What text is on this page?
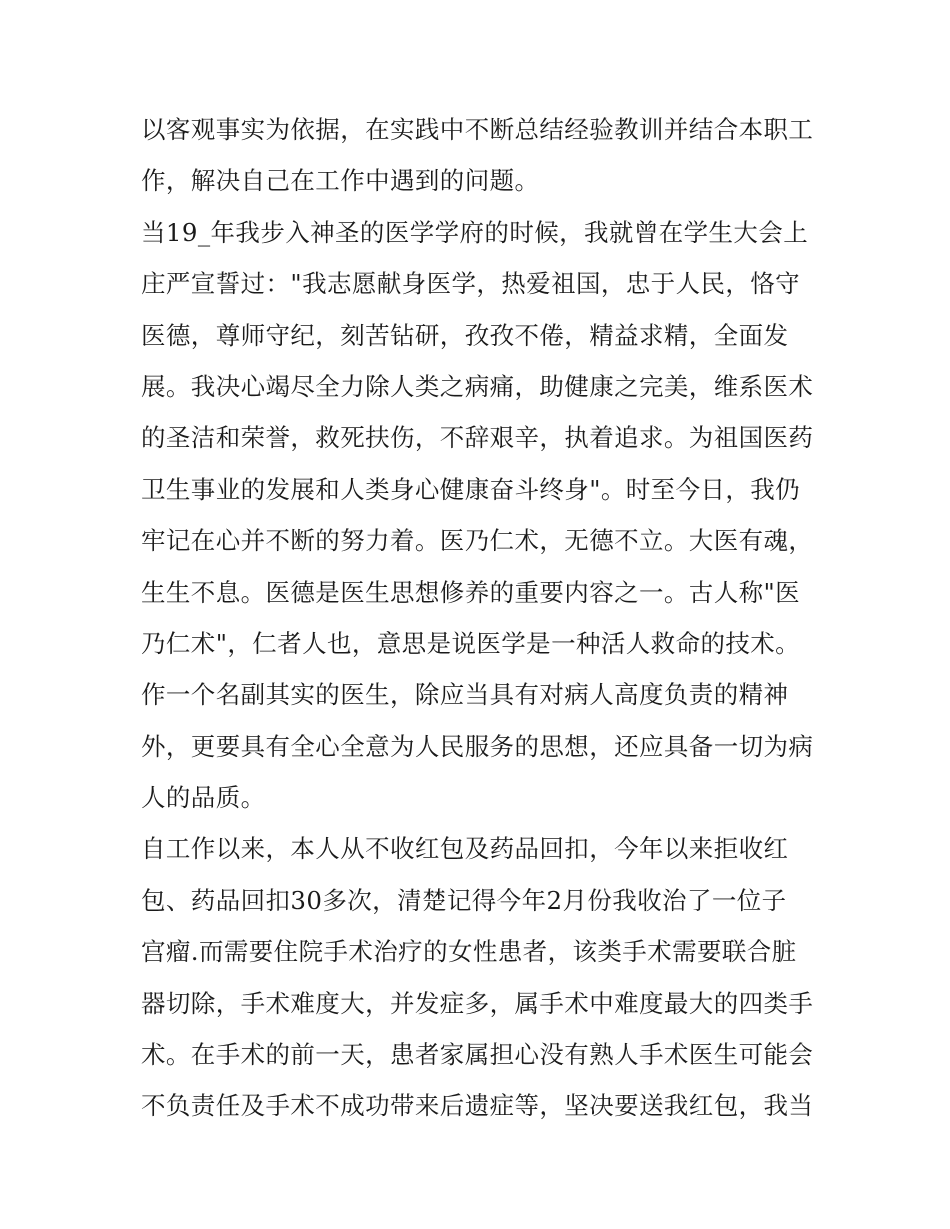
以客观事实为依据，在实践中不断总结经验教训并结合本职工
作，解决自己在工作中遇到的问题。
当19_年我步入神圣的医学学府的时候，我就曾在学生大会上
庄严宣誓过："我志愿献身医学，热爱祖国，忠于人民，恪守
医德，尊师守纪，刻苦钻研，孜孜不倦，精益求精，全面发
展。我决心竭尽全力除人类之病痛，助健康之完美，维系医术
的圣洁和荣誉，救死扶伤，不辞艰辛，执着追求。为祖国医药
卫生事业的发展和人类身心健康奋斗终身"。时至今日，我仍
牢记在心并不断的努力着。医乃仁术，无德不立。大医有魂，
生生不息。医德是医生思想修养的重要内容之一。古人称"医
乃仁术"，仁者人也，意思是说医学是一种活人救命的技术。
作一个名副其实的医生，除应当具有对病人高度负责的精神
外，更要具有全心全意为人民服务的思想，还应具备一切为病
人的品质。
自工作以来，本人从不收红包及药品回扣，今年以来拒收红
包、药品回扣30多次，清楚记得今年2月份我收治了一位子
宫瘤.而需要住院手术治疗的女性患者，该类手术需要联合脏
器切除，手术难度大，并发症多，属手术中难度最大的四类手
术。在手术的前一天，患者家属担心没有熟人手术医生可能会
不负责任及手术不成功带来后遗症等，坚决要送我红包，我当
